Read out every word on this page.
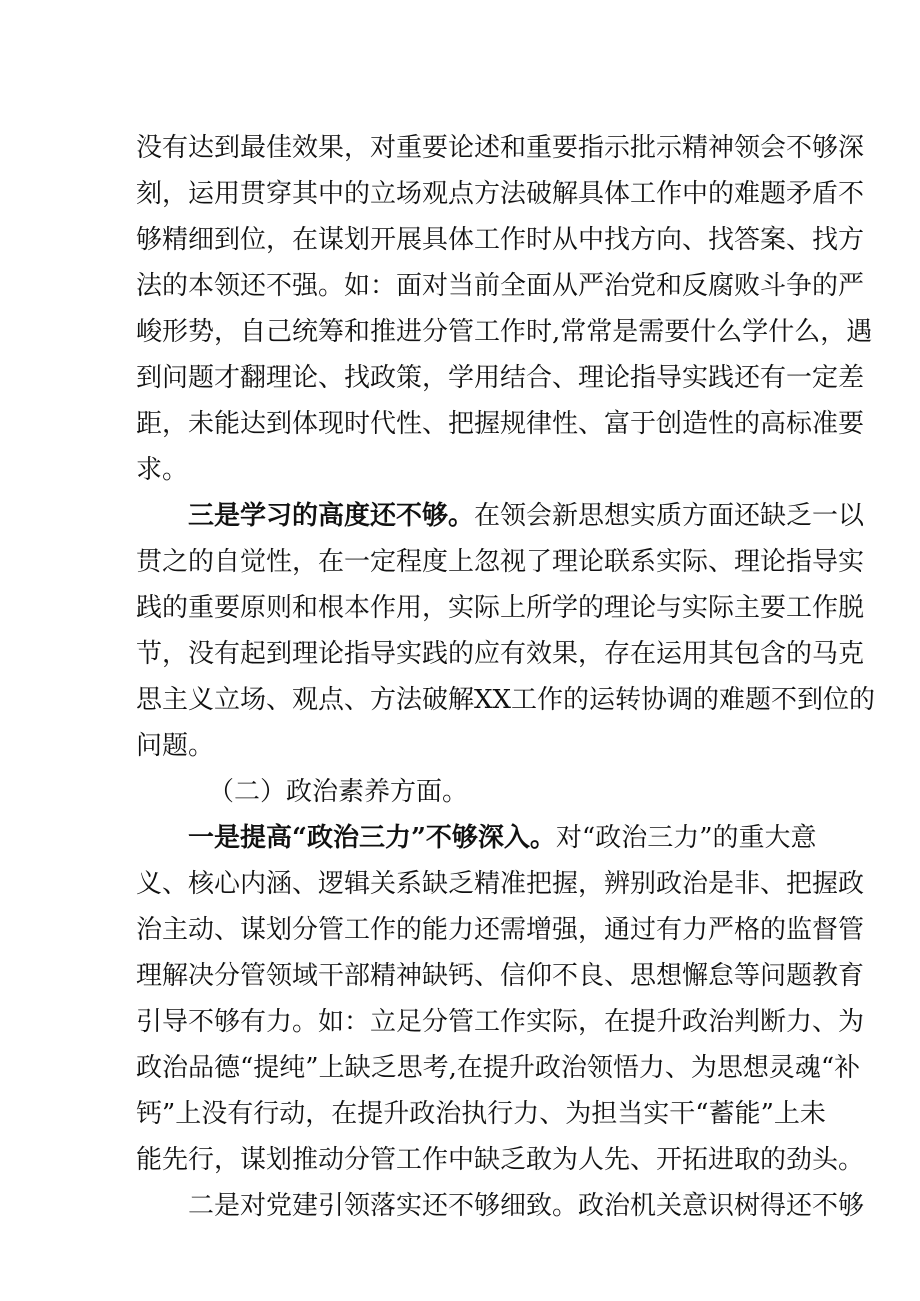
没有达到最佳效果，对重要论述和重要指示批示精神领会不够深
刻，运用贯穿其中的立场观点方法破解具体工作中的难题矛盾不
够精细到位，在谋划开展具体工作时从中找方向、找答案、找方
法的本领还不强。如：面对当前全面从严治党和反腐败斗争的严
峻形势，自己统筹和推进分管工作时,常常是需要什么学什么，遇
到问题才翻理论、找政策，学用结合、理论指导实践还有一定差
距，未能达到体现时代性、把握规律性、富于创造性的高标准要
求。
三是学习的高度还不够。在领会新思想实质方面还缺乏一以
贯之的自觉性，在一定程度上忽视了理论联系实际、理论指导实
践的重要原则和根本作用，实际上所学的理论与实际主要工作脱
节，没有起到理论指导实践的应有效果，存在运用其包含的马克
思主义立场、观点、方法破解XX工作的运转协调的难题不到位的
问题。
（二）政治素养方面。
一是提高“政治三力”不够深入。对“政治三力”的重大意
义、核心内涵、逻辑关系缺乏精准把握，辨别政治是非、把握政
治主动、谋划分管工作的能力还需增强，通过有力严格的监督管
理解决分管领域干部精神缺钙、信仰不良、思想懈怠等问题教育
引导不够有力。如：立足分管工作实际，在提升政治判断力、为
政治品德“提纯”上缺乏思考,在提升政治领悟力、为思想灵魂“补
钙”上没有行动，在提升政治执行力、为担当实干“蓄能”上未
能先行，谋划推动分管工作中缺乏敢为人先、开拓进取的劲头。
二是对党建引领落实还不够细致。政治机关意识树得还不够
